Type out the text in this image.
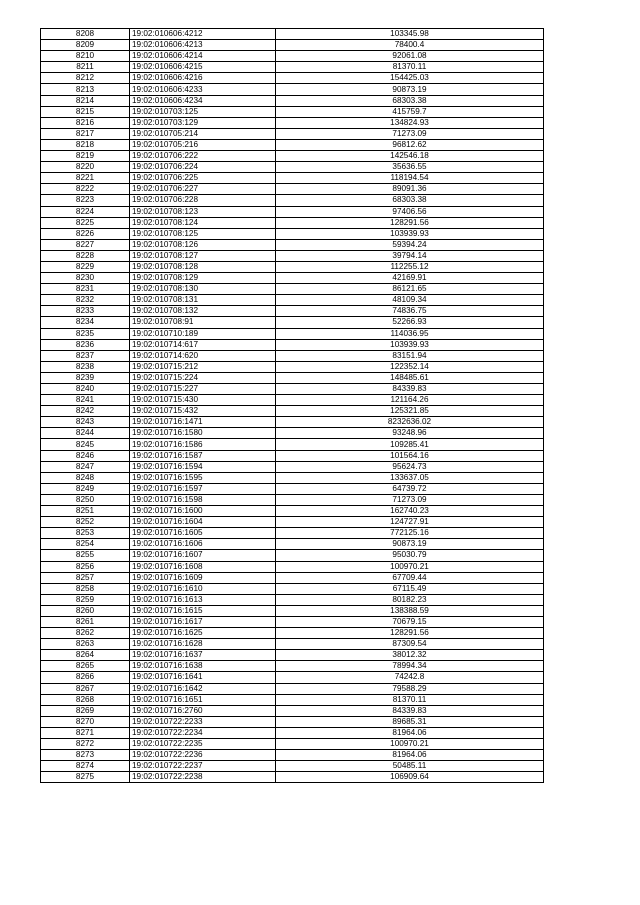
8208	19:02:010606:4212	103345.98
8209	19:02:010606:4213	78400.4
8210	19:02:010606:4214	92061.08
8211	19:02:010606:4215	81370.11
8212	19:02:010606:4216	154425.03
8213	19:02:010606:4233	90873.19
8214	19:02:010606:4234	68303.38
8215	19:02:010703:125	415759.7
8216	19:02:010703:129	134824.93
8217	19:02:010705:214	71273.09
8218	19:02:010705:216	96812.62
8219	19:02:010706:222	142546.18
8220	19:02:010706:224	35636.55
8221	19:02:010706:225	118194.54
8222	19:02:010706:227	89091.36
8223	19:02:010706:228	68303.38
8224	19:02:010708:123	97406.56
8225	19:02:010708:124	128291.56
8226	19:02:010708:125	103939.93
8227	19:02:010708:126	59394.24
8228	19:02:010708:127	39794.14
8229	19:02:010708:128	112255.12
8230	19:02:010708:129	42169.91
8231	19:02:010708:130	86121.65
8232	19:02:010708:131	48109.34
8233	19:02:010708:132	74836.75
8234	19:02:010708:91	52266.93
8235	19:02:010710:189	114036.95
8236	19:02:010714:617	103939.93
8237	19:02:010714:620	83151.94
8238	19:02:010715:212	122352.14
8239	19:02:010715:224	148485.61
8240	19:02:010715:227	84339.83
8241	19:02:010715:430	121164.26
8242	19:02:010715:432	125321.85
8243	19:02:010716:1471	8232636.02
8244	19:02:010716:1580	93248.96
8245	19:02:010716:1586	109285.41
8246	19:02:010716:1587	101564.16
8247	19:02:010716:1594	95624.73
8248	19:02:010716:1595	133637.05
8249	19:02:010716:1597	64739.72
8250	19:02:010716:1598	71273.09
8251	19:02:010716:1600	162740.23
8252	19:02:010716:1604	124727.91
8253	19:02:010716:1605	772125.16
8254	19:02:010716:1606	90873.19
8255	19:02:010716:1607	95030.79
8256	19:02:010716:1608	100970.21
8257	19:02:010716:1609	67709.44
8258	19:02:010716:1610	67115.49
8259	19:02:010716:1613	80182.23
8260	19:02:010716:1615	138388.59
8261	19:02:010716:1617	70679.15
8262	19:02:010716:1625	128291.56
8263	19:02:010716:1628	87309.54
8264	19:02:010716:1637	38012.32
8265	19:02:010716:1638	78994.34
8266	19:02:010716:1641	74242.8
8267	19:02:010716:1642	79588.29
8268	19:02:010716:1651	81370.11
8269	19:02:010716:2760	84339.83
8270	19:02:010722:2233	89685.31
8271	19:02:010722:2234	81964.06
8272	19:02:010722:2235	100970.21
8273	19:02:010722:2236	81964.06
8274	19:02:010722:2237	50485.11
8275	19:02:010722:2238	106909.64
